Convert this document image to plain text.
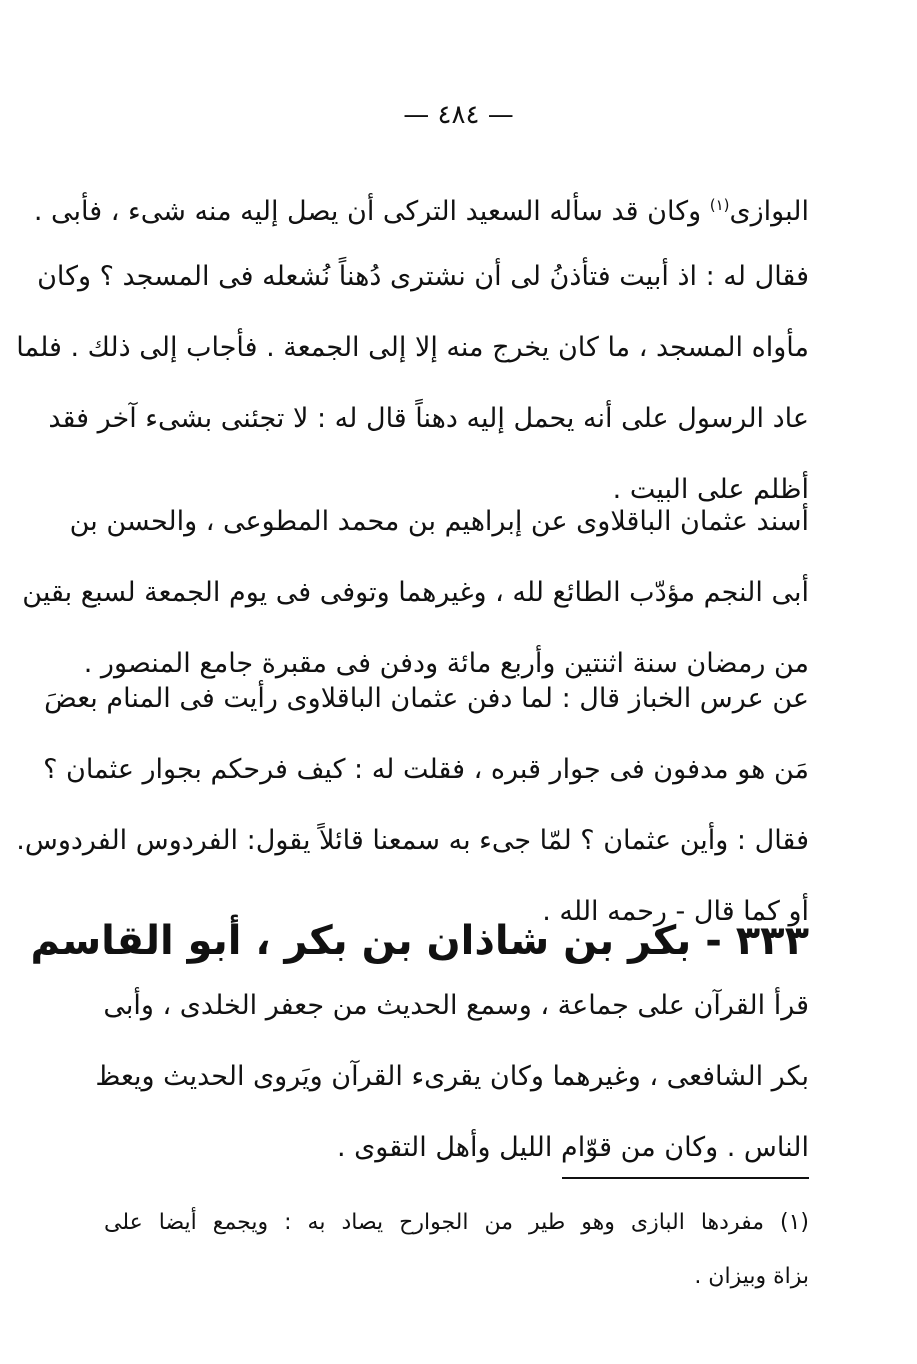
— ٤٨٤ —
البوازى$^{(١)}$ وكان قد سأله السعيد التركى أن يصل إليه منه شىء ، فأبى .
فقال له : اذ أبيت فتأذنُ لى أن نشترى دُهناً نُشعله فى المسجد ؟ وكان
مأواه المسجد ، ما كان يخرج منه إلا إلى الجمعة . فأجاب إلى ذلك . فلما
عاد الرسول على أنه يحمل إليه دهناً قال له : لا تجئنى بشىء آخر فقد
أظلم على البيت .
أسند عثمان الباقلاوى عن إبراهيم بن محمد المطوعى ، والحسن بن
أبى النجم مؤدّب الطائع لله ، وغيرهما وتوفى فى يوم الجمعة لسبع بقين
من رمضان سنة اثنتين وأربع مائة ودفن فى مقبرة جامع المنصور .
عن عرس الخباز قال : لما دفن عثمان الباقلاوى رأيت فى المنام بعضَ
مَن هو مدفون فى جوار قبره ، فقلت له : كيف فرحكم بجوار عثمان ؟
فقال : وأين عثمان ؟ لمّا جىء به سمعنا قائلاً يقول: الفردوس الفردوس.
أو كما قال - رحمه الله .
٣٣٣ - بكر بن شاذان بن بكر ، أبو القاسم
قرأ القرآن على جماعة ، وسمع الحديث من جعفر الخلدى ، وأبى
بكر الشافعى ، وغيرهما وكان يقرىء القرآن ويَروى الحديث ويعظ
الناس . وكان من قوّام الليل وأهل التقوى .
(١) مفردها البازى وهو طير من الجوارح يصاد به : ويجمع أيضا على
بزاة وبيزان .
